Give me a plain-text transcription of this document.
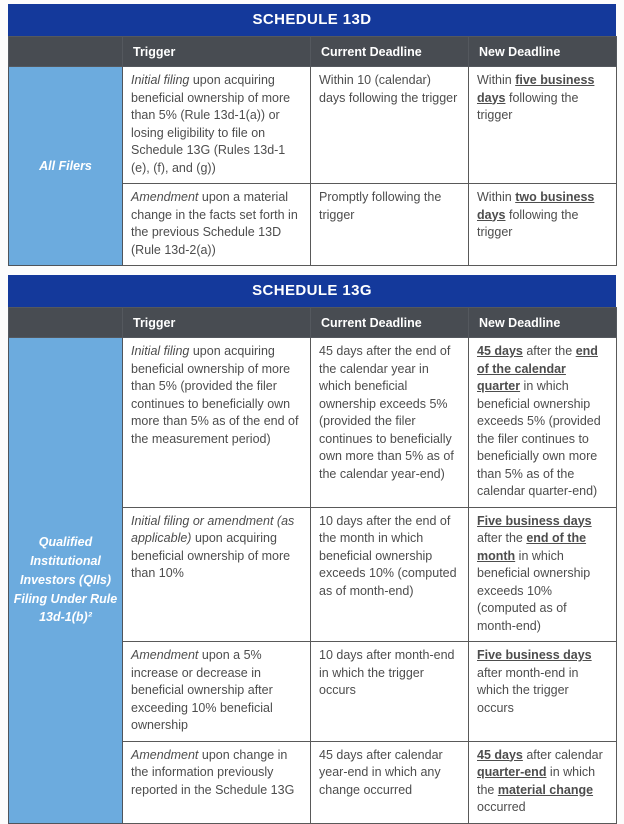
SCHEDULE 13D
	Trigger	Current Deadline	New Deadline
All Filers	Initial filing upon acquiring beneficial ownership of more than 5% (Rule 13d-1(a)) or losing eligibility to file on Schedule 13G (Rules 13d-1 (e), (f), and (g))	Within 10 (calendar) days following the trigger	Within five business days following the trigger
	Amendment upon a material change in the facts set forth in the previous Schedule 13D (Rule 13d-2(a))	Promptly following the trigger	Within two business days following the trigger
SCHEDULE 13G
	Trigger	Current Deadline	New Deadline
Qualified Institutional Investors (QIIs) Filing Under Rule 13d-1(b)²	Initial filing upon acquiring beneficial ownership of more than 5% (provided the filer continues to beneficially own more than 5% as of the end of the measurement period)	45 days after the end of the calendar year in which beneficial ownership exceeds 5% (provided the filer continues to beneficially own more than 5% as of the calendar year-end)	45 days after the end of the calendar quarter in which beneficial ownership exceeds 5% (provided the filer continues to beneficially own more than 5% as of the calendar quarter-end)
	Initial filing or amendment (as applicable) upon acquiring beneficial ownership of more than 10%	10 days after the end of the month in which beneficial ownership exceeds 10% (computed as of month-end)	Five business days after the end of the month in which beneficial ownership exceeds 10% (computed as of month-end)
	Amendment upon a 5% increase or decrease in beneficial ownership after exceeding 10% beneficial ownership	10 days after month-end in which the trigger occurs	Five business days after month-end in which the trigger occurs
	Amendment upon change in the information previously reported in the Schedule 13G	45 days after calendar year-end in which any change occurred	45 days after calendar quarter-end in which the material change occurred
